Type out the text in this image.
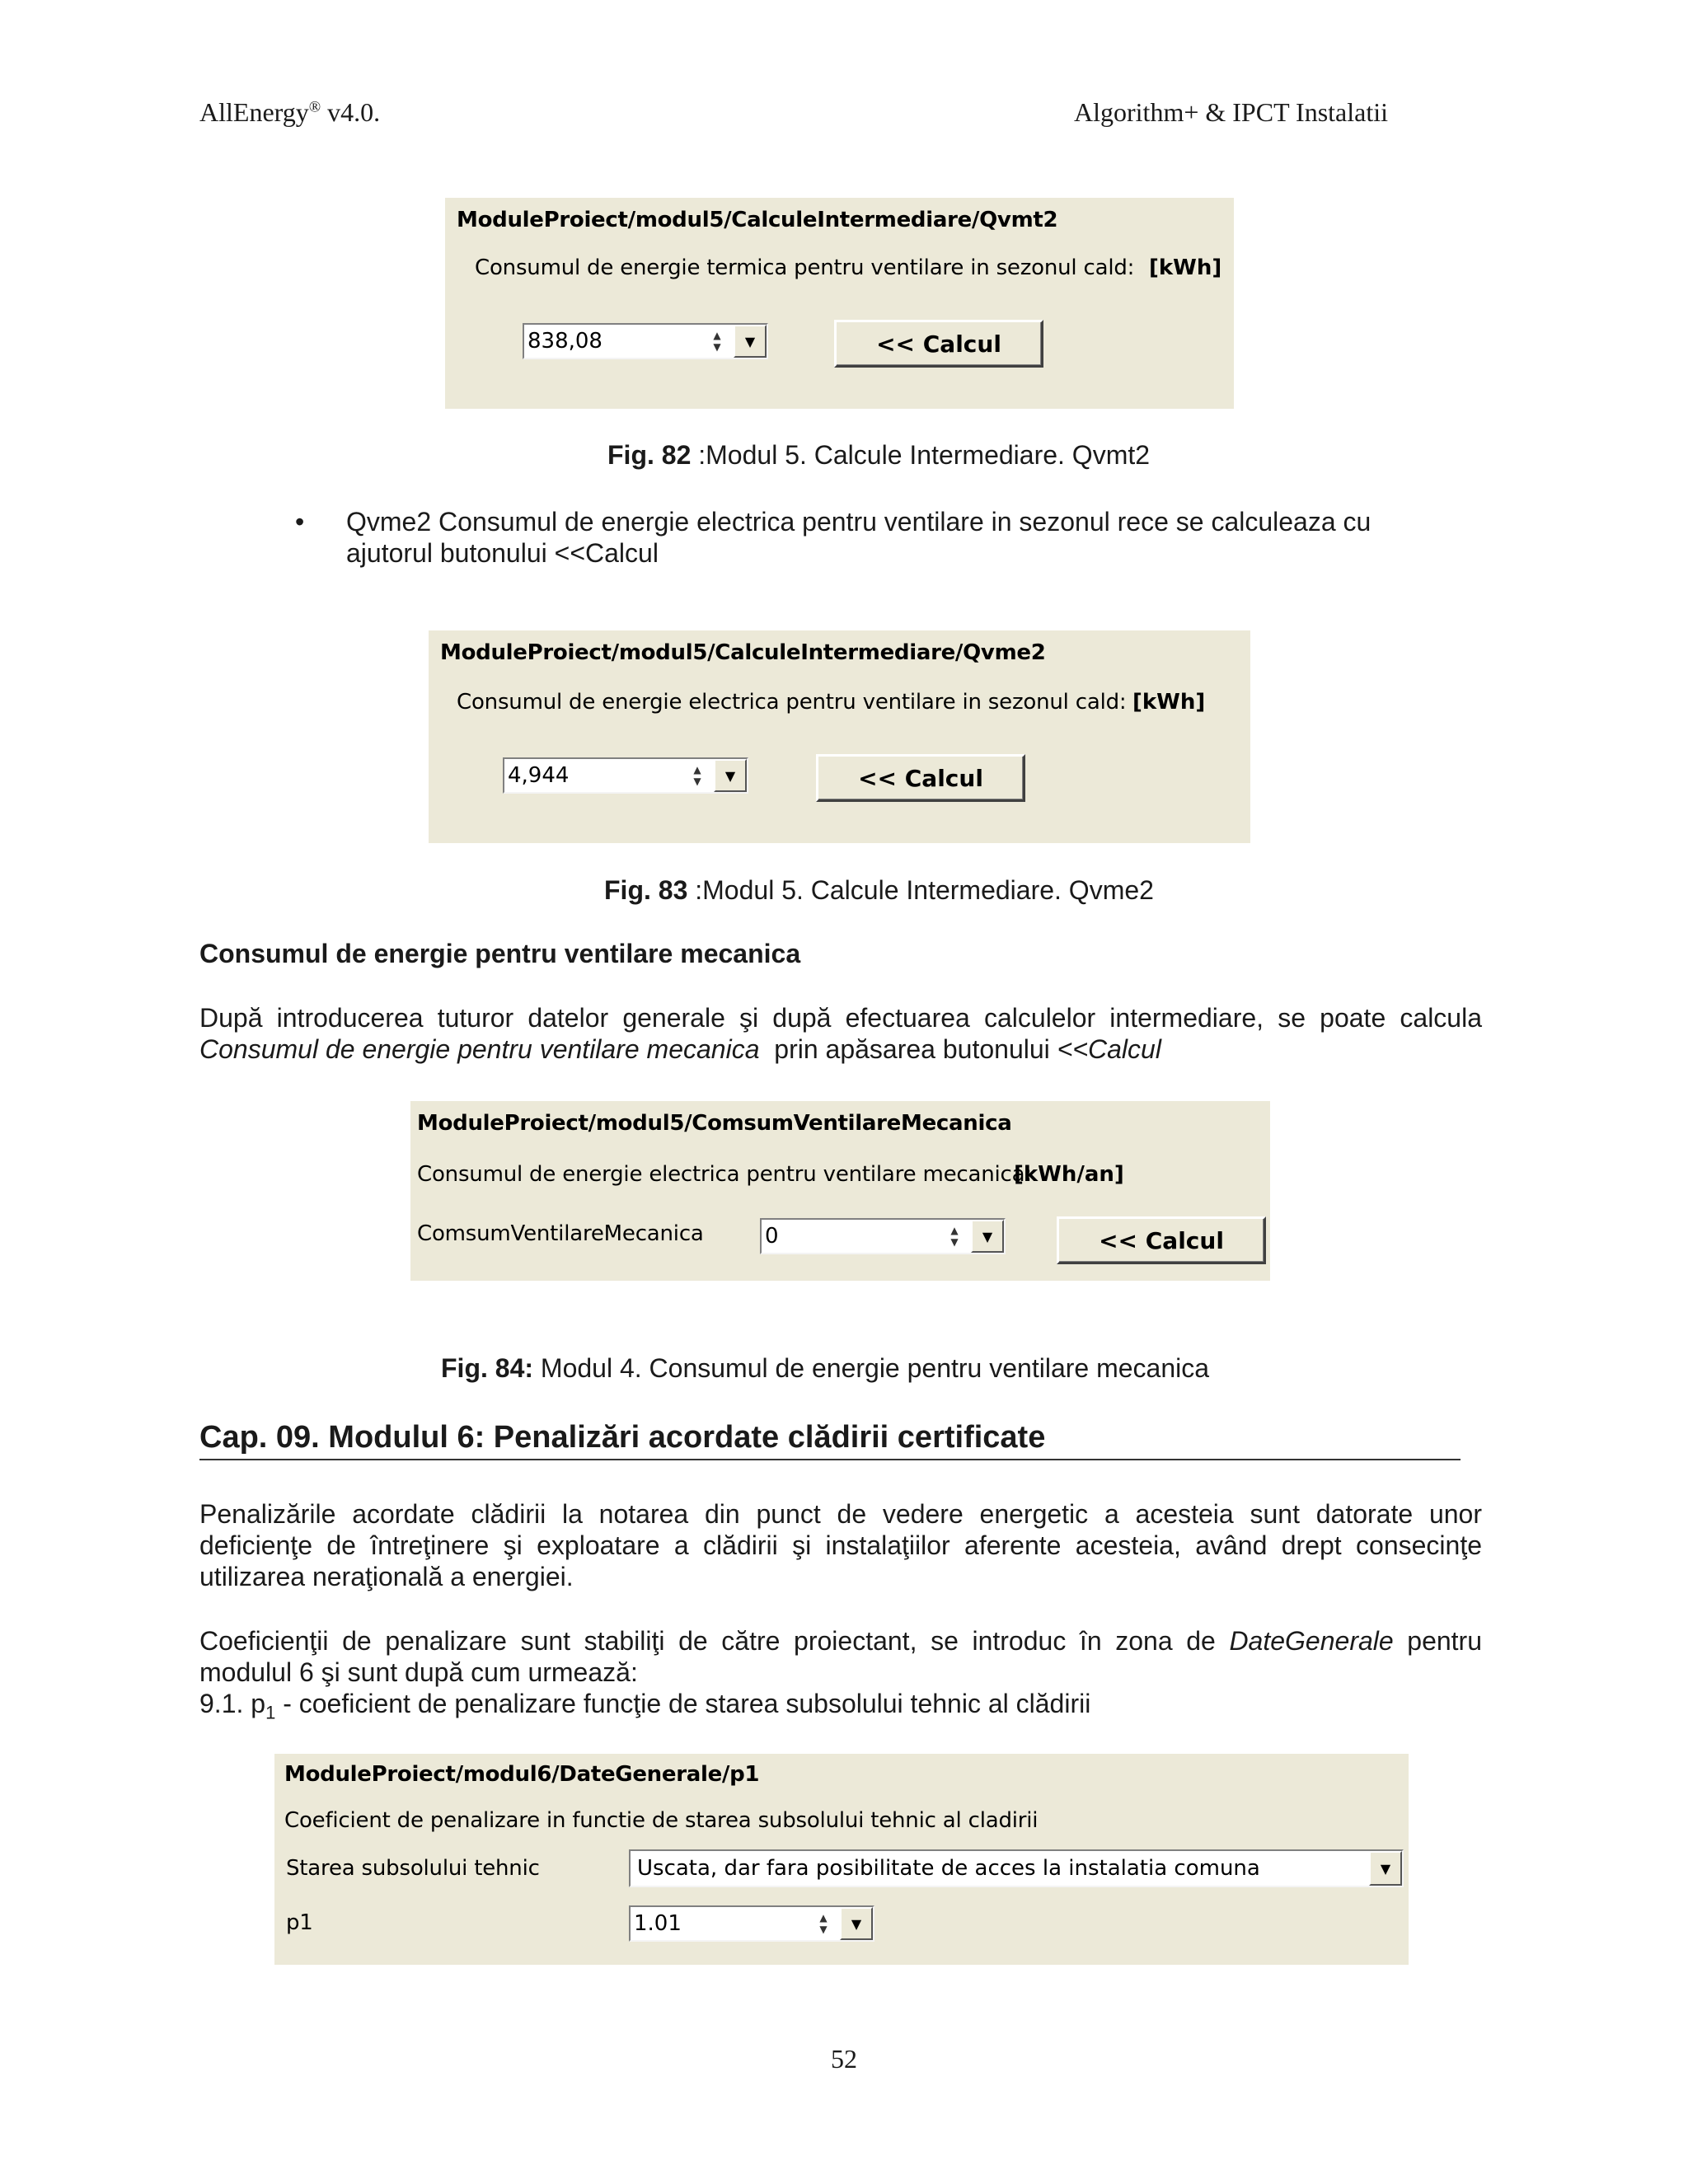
AllEnergy® v4.0.	Algorithm+ & IPCT Instalatii
ModuleProiect/modul5/CalculeIntermediare/Qvmt2
Consumul de energie termica pentru ventilare in sezonul cald: [kWh]
838,08	▲
▼	▼	<< Calcul
Fig. 82 :Modul 5. Calcule Intermediare. Qvmt2
• Qvme2 Consumul de energie electrica pentru ventilare in sezonul rece se calculeaza cu
ajutorul butonului <<Calcul
ModuleProiect/modul5/CalculeIntermediare/Qvme2
Consumul de energie electrica pentru ventilare in sezonul cald: [kWh]
4,944	▲
▼	▼	<< Calcul
Fig. 83 :Modul 5. Calcule Intermediare. Qvme2
Consumul de energie pentru ventilare mecanica
După introducerea tuturor datelor generale şi după efectuarea calculelor intermediare, se poate calcula
Consumul de energie pentru ventilare mecanica  prin apăsarea butonului <<Calcul
ModuleProiect/modul5/ComsumVentilareMecanica
Consumul de energie electrica pentru ventilare mecanica:
[kWh/an]
ComsumVentilareMecanica	0	▲
▼	▼	<< Calcul
Fig. 84: Modul 4. Consumul de energie pentru ventilare mecanica
Cap. 09. Modulul 6: Penalizări acordate clădirii certificate
Penalizările acordate clădirii la notarea din punct de vedere energetic a acesteia sunt datorate unor
deficienţe de întreţinere şi exploatare a clădirii şi instalaţiilor aferente acesteia, având drept consecinţe
utilizarea neraţională a energiei.
Coeficienţii de penalizare sunt stabiliţi de către proiectant, se introduc în zona de DateGenerale pentru
modulul 6 şi sunt după cum urmează:
9.1. $p_1$ - coeficient de penalizare funcţie de starea subsolului tehnic al clădirii
ModuleProiect/modul6/DateGenerale/p1
Coeficient de penalizare in functie de starea subsolului tehnic al cladirii
Starea subsolului tehnic	Uscata, dar fara posibilitate de acces la instalatia comuna	▼
p1	1.01	▲
▼	▼
52
